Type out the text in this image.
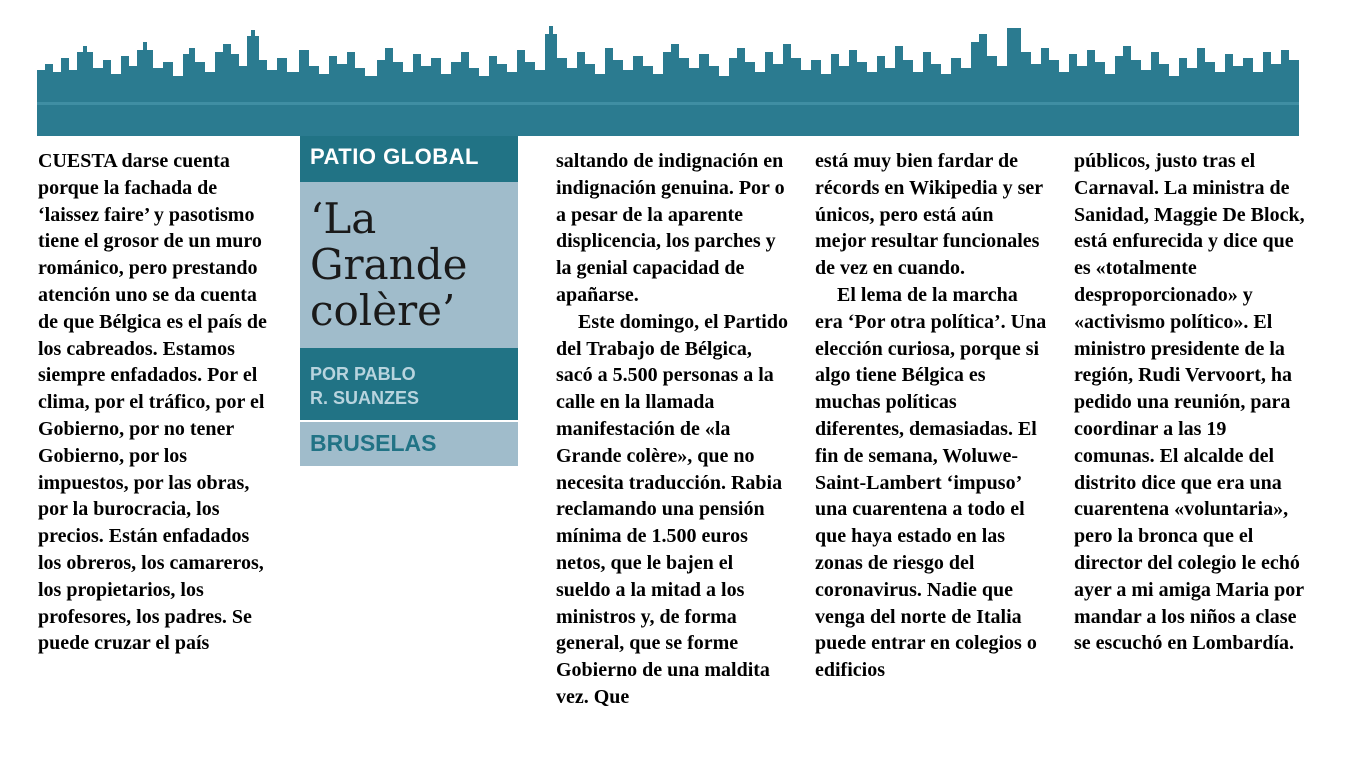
CUESTA darse cuenta porque la fachada de ‘laissez faire’ y pasotismo tiene el grosor de un muro románico, pero prestando atención uno se da cuenta de que Bélgica es el país de los cabreados. Estamos siempre enfadados. Por el clima, por el tráfico, por el Gobierno, por no tener Gobierno, por los impuestos, por las obras, por la burocracia, los precios. Están enfadados los obreros, los camareros, los propietarios, los profesores, los padres. Se puede cruzar el país

PATIO GLOBAL
‘La
Grande
colère’
POR PABLO
R. SUANZES
BRUSELAS

saltando de indignación en indignación genuina. Por o a pesar de la aparente displicencia, los parches y la genial capacidad de apañarse.

Este domingo, el Partido del Trabajo de Bélgica, sacó a 5.500 personas a la calle en la llamada manifestación de «la Grande colère», que no necesita traducción. Rabia reclamando una pensión mínima de 1.500 euros netos, que le bajen el sueldo a la mitad a los ministros y, de forma general, que se forme Gobierno de una maldita vez. Que

está muy bien fardar de récords en Wikipedia y ser únicos, pero está aún mejor resultar funcionales de vez en cuando.

El lema de la marcha era ‘Por otra política’. Una elección curiosa, porque si algo tiene Bélgica es muchas políticas diferentes, demasiadas. El fin de semana, Woluwe-Saint-Lambert ‘impuso’ una cuarentena a todo el que haya estado en las zonas de riesgo del coronavirus. Nadie que venga del norte de Italia puede entrar en colegios o edificios

públicos, justo tras el Carnaval. La ministra de Sanidad, Maggie De Block, está enfurecida y dice que es «totalmente desproporcionado» y «activismo político». El ministro presidente de la región, Rudi Vervoort, ha pedido una reunión, para coordinar a las 19 comunas. El alcalde del distrito dice que era una cuarentena «voluntaria», pero la bronca que el director del colegio le echó ayer a mi amiga Maria por mandar a los niños a clase se escuchó en Lombardía.
